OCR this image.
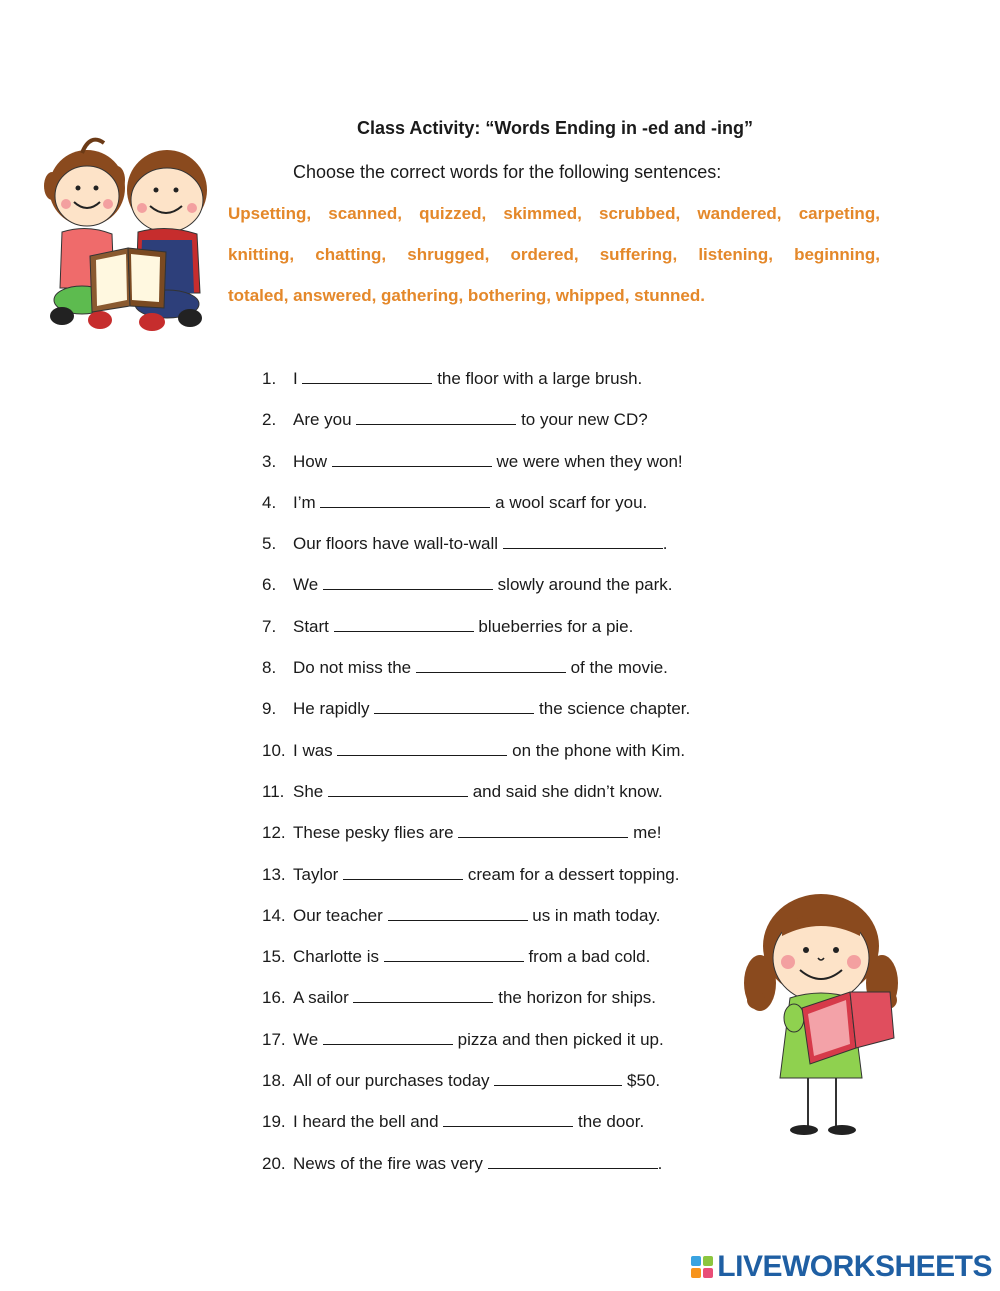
Class Activity: “Words Ending in -ed and -ing”
Choose the correct words for the following sentences:
Upsetting, scanned, quizzed, skimmed, scrubbed, wandered, carpeting,
knitting, chatting, shrugged, ordered, suffering, listening, beginning,
totaled, answered, gathering, bothering, whipped, stunned.
1. I	the floor with a large brush.
2. Are you	to your new CD?
3. How	we were when they won!
4. I’m	a wool scarf for you.
5. Our floors have wall-to-wall	.
6. We	slowly around the park.
7. Start	blueberries for a pie.
8. Do not miss the	of the movie.
9. He rapidly	the science chapter.
10. I was	on the phone with Kim.
11. She	and said she didn’t know.
12. These pesky flies are	me!
13. Taylor	cream for a dessert topping.
14. Our teacher	us in math today.
15. Charlotte is	from a bad cold.
16. A sailor	the horizon for ships.
17. We	pizza and then picked it up.
18. All of our purchases today	$50.
19. I heard the bell and	the door.
20. News of the fire was very	.
LIVEWORKSHEETS
